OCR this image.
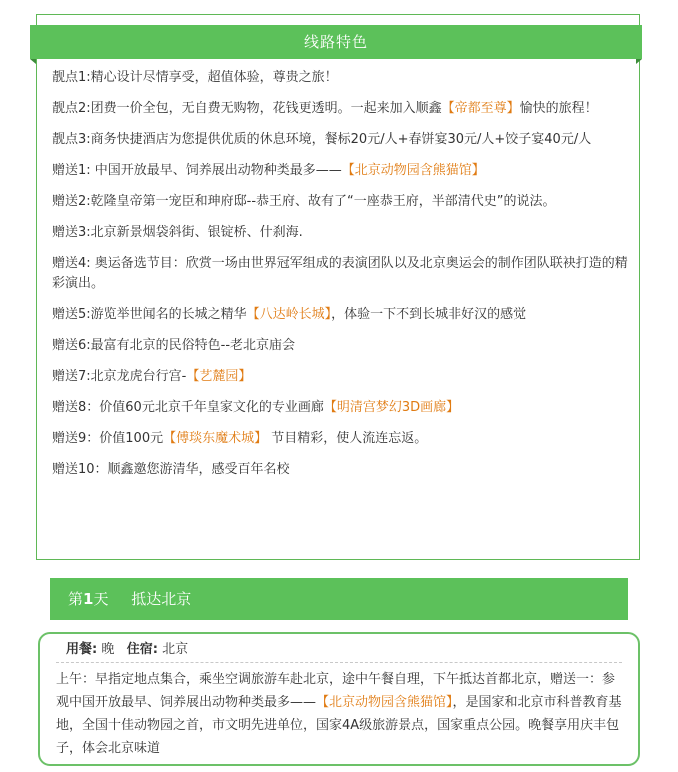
线路特色
靓点1:精心设计尽情享受，超值体验，尊贵之旅！
靓点2:团费一价全包，无自费无购物，花钱更透明。一起来加入顺鑫【帝都至尊】愉快的旅程！
靓点3:商务快捷酒店为您提供优质的休息环境，餐标20元/人+春饼宴30元/人+饺子宴40元/人
赠送1: 中国开放最早、饲养展出动物种类最多——【北京动物园含熊猫馆】
赠送2:乾隆皇帝第一宠臣和珅府邸--恭王府、故有了“一座恭王府，半部清代史”的说法。
赠送3:北京新景烟袋斜街、银锭桥、什刹海.
赠送4: 奥运备选节目：欣赏一场由世界冠军组成的表演团队以及北京奥运会的制作团队联袂打造的精彩演出。
赠送5:游览举世闻名的长城之精华【八达岭长城】，体验一下不到长城非好汉的感觉
赠送6:最富有北京的民俗特色--老北京庙会
赠送7:北京龙虎台行宫-【艺麓园】
赠送8：价值60元北京千年皇家文化的专业画廊【明清宫梦幻3D画廊】
赠送9：价值100元【傅琰东魔术城】 节目精彩，使人流连忘返。
赠送10：顺鑫邀您游清华，感受百年名校
第1天 抵达北京
用餐: 晚 住宿: 北京

上午：早指定地点集合，乘坐空调旅游车赴北京，途中午餐自理，下午抵达首都北京，赠送一：参观中国开放最早、饲养展出动物种类最多——【北京动物园含熊猫馆】，是国家和北京市科普教育基地，全国十佳动物园之首，市文明先进单位，国家4A级旅游景点，国家重点公园。晚餐享用庆丰包子，体会北京味道
